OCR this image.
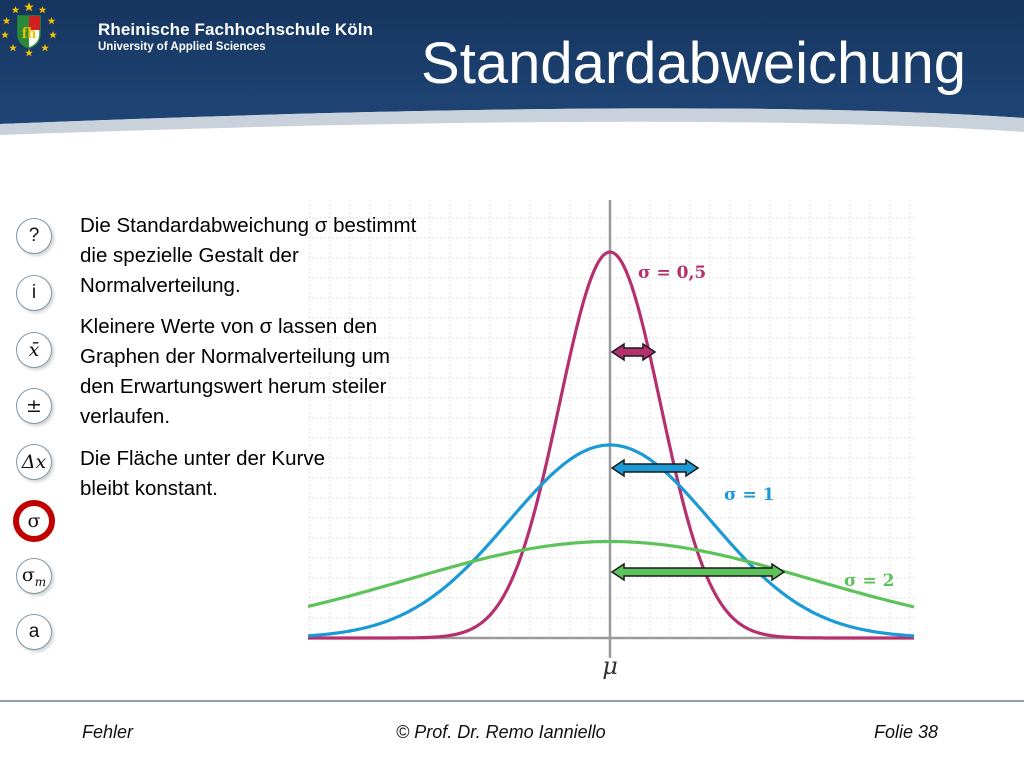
fh	Rheinische Fachhochschule Köln
University of Applied Sciences	Standardabweichung
?
i
x̄
±
Δx
σ
$\sigma_m$
a
σ = 0,5
σ = 1
σ = 2
μ
Die Standardabweichung σ bestimmt
die spezielle Gestalt der
Normalverteilung.
Kleinere Werte von σ lassen den
Graphen der Normalverteilung um
den Erwartungswert herum steiler
verlaufen.
Die Fläche unter der Kurve
bleibt konstant.
Fehler	© Prof. Dr. Remo Ianniello	Folie 38
